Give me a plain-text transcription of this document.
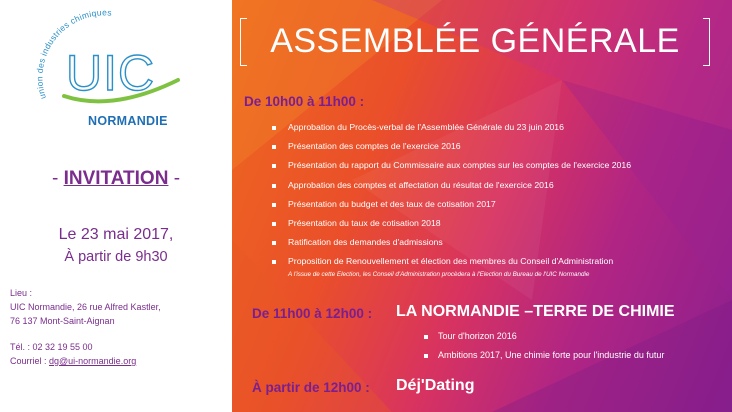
union des industries chimiques
UIC
NORMANDIE
- INVITATION -
Le 23 mai 2017,
À partir de 9h30
Lieu :
UIC Normandie, 26 rue Alfred Kastler,
76 137 Mont-Saint-Aignan
Tél. : 02 32 19 55 00
Courriel : dg@ui-normandie.org
ASSEMBLÉE GÉNÉRALE
De 10h00 à 11h00 :
Approbation du Procès-verbal de l'Assemblée Générale du 23 juin 2016
Présentation des comptes de l'exercice 2016
Présentation du rapport du Commissaire aux comptes sur les comptes de l'exercice 2016
Approbation des comptes et affectation du résultat de l'exercice 2016
Présentation du budget et des taux de cotisation 2017
Présentation du taux de cotisation 2018
Ratification des demandes d'admissions
Proposition de Renouvellement et élection des membres du Conseil d'Administration
A l'issue de cette Election, les Conseil d'Administration procèdera à l'Election du Bureau de l'UIC Normandie
De 11h00 à 12h00 : LA NORMANDIE –TERRE DE CHIMIE
Tour d'horizon 2016
Ambitions 2017, Une chimie forte pour l'industrie du futur
À partir de 12h00 : Déj'Dating
